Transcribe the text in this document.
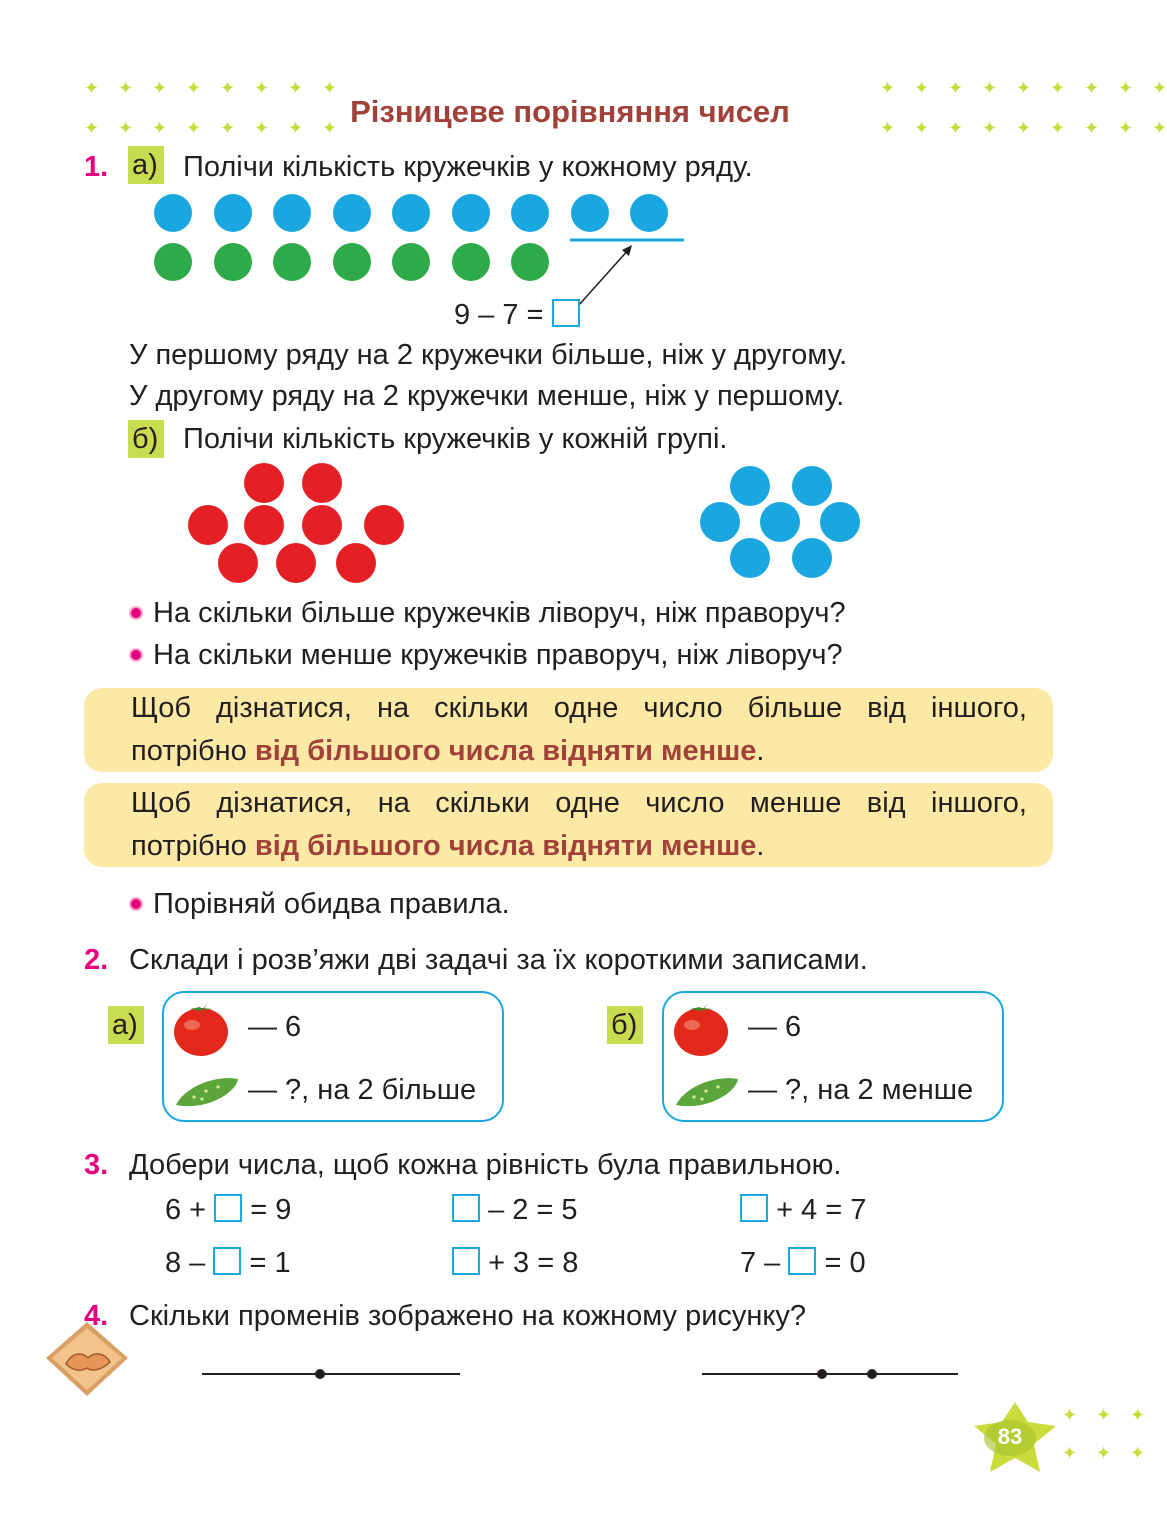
✦ ✦ ✦ ✦ ✦ ✦ ✦ ✦	✦ ✦ ✦ ✦ ✦ ✦ ✦ ✦ ✦
✦ ✦ ✦ ✦ ✦ ✦ ✦ ✦	✦ ✦ ✦ ✦ ✦ ✦ ✦ ✦ ✦
Різницеве порівняння чисел
1. а) Полічи кількість кружечків у кожному ряду.
9 – 7 =
У першому ряду на 2 кружечки більше, ніж у другому.
У другому ряду на 2 кружечки менше, ніж у першому.
б) Полічи кількість кружечків у кожній групі.
На скільки більше кружечків ліворуч, ніж праворуч?
На скільки менше кружечків праворуч, ніж ліворуч?
Щоб дізнатися, на скільки одне число більше від іншого,
потрібно від більшого числа відняти менше.
Щоб дізнатися, на скільки одне число менше від іншого,
потрібно від більшого числа відняти менше.
Порівняй обидва правила.
2. Склади і розв’яжи дві задачі за їх короткими записами.
а)	— 6
— ?, на 2 більше
б)	— 6
— ?, на 2 менше
3. Добери числа, щоб кожна рівність була правильною.
6 + = 9	– 2 = 5	+ 4 = 7
8 – = 1	+ 3 = 8	7 – = 0
4. Скільки променів зображено на кожному рисунку?
83
✦ ✦ ✦
✦ ✦ ✦
